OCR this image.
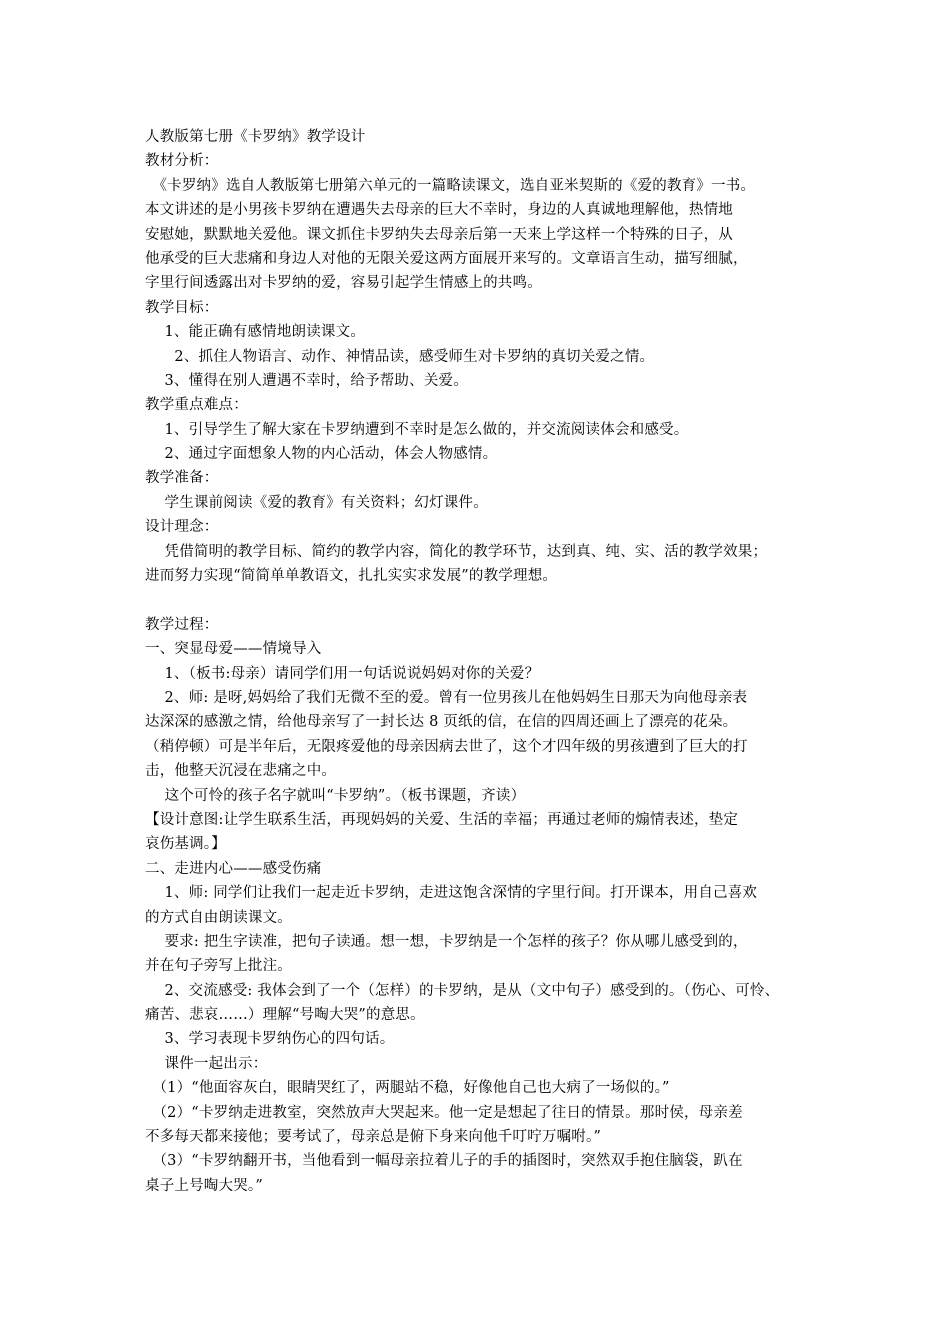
人教版第七册《卡罗纳》教学设计
教材分析：
　《卡罗纳》选自人教版第七册第六单元的一篇略读课文，选自亚米契斯的《爱的教育》一书。
本文讲述的是小男孩卡罗纳在遭遇失去母亲的巨大不幸时，身边的人真诚地理解他，热情地
安慰她，默默地关爱他。课文抓住卡罗纳失去母亲后第一天来上学这样一个特殊的日子，从
他承受的巨大悲痛和身边人对他的无限关爱这两方面展开来写的。文章语言生动，描写细腻，
字里行间透露出对卡罗纳的爱，容易引起学生情感上的共鸣。
教学目标：
　 1、能正确有感情地朗读课文。
　　2、抓住人物语言、动作、神情品读，感受师生对卡罗纳的真切关爱之情。
　 3、懂得在别人遭遇不幸时，给予帮助、关爱。
教学重点难点：
　 1、引导学生了解大家在卡罗纳遭到不幸时是怎么做的，并交流阅读体会和感受。
　 2、通过字面想象人物的内心活动，体会人物感情。
教学准备：
　 学生课前阅读《爱的教育》有关资料；幻灯课件。
设计理念：
　 凭借简明的教学目标、简约的教学内容，简化的教学环节，达到真、纯、实、活的教学效果；
进而努力实现“简简单单教语文，扎扎实实求发展”的教学理想。
教学过程：
一、突显母爱——情境导入
　 1、（板书:母亲）请同学们用一句话说说妈妈对你的关爱？
　 2、师: 是呀,妈妈给了我们无微不至的爱。曾有一位男孩儿在他妈妈生日那天为向他母亲表
达深深的感激之情，给他母亲写了一封长达 8 页纸的信，在信的四周还画上了漂亮的花朵。
（稍停顿）可是半年后，无限疼爱他的母亲因病去世了，这个才四年级的男孩遭到了巨大的打
击，他整天沉浸在悲痛之中。
　 这个可怜的孩子名字就叫“卡罗纳”。（板书课题，齐读）
【设计意图:让学生联系生活，再现妈妈的关爱、生活的幸福；再通过老师的煽情表述，垫定
哀伤基调。】
二、走进内心——感受伤痛
　 1、师: 同学们让我们一起走近卡罗纳，走进这饱含深情的字里行间。打开课本，用自己喜欢
的方式自由朗读课文。
　 要求: 把生字读准，把句子读通。想一想，卡罗纳是一个怎样的孩子？你从哪儿感受到的，
并在句子旁写上批注。
　 2、交流感受: 我体会到了一个（怎样）的卡罗纳，是从（文中句子）感受到的。（伤心、可怜、
痛苦、悲哀……）理解“号啕大哭”的意思。
　 3、学习表现卡罗纳伤心的四句话。
　 课件一起出示：
　（1）“他面容灰白，眼睛哭红了，两腿站不稳，好像他自己也大病了一场似的。”
　（2）“卡罗纳走进教室，突然放声大哭起来。他一定是想起了往日的情景。那时侯，母亲差
不多每天都来接他；要考试了，母亲总是俯下身来向他千叮咛万嘱咐。”
　（3）“卡罗纳翻开书，当他看到一幅母亲拉着儿子的手的插图时，突然双手抱住脑袋，趴在
桌子上号啕大哭。”
